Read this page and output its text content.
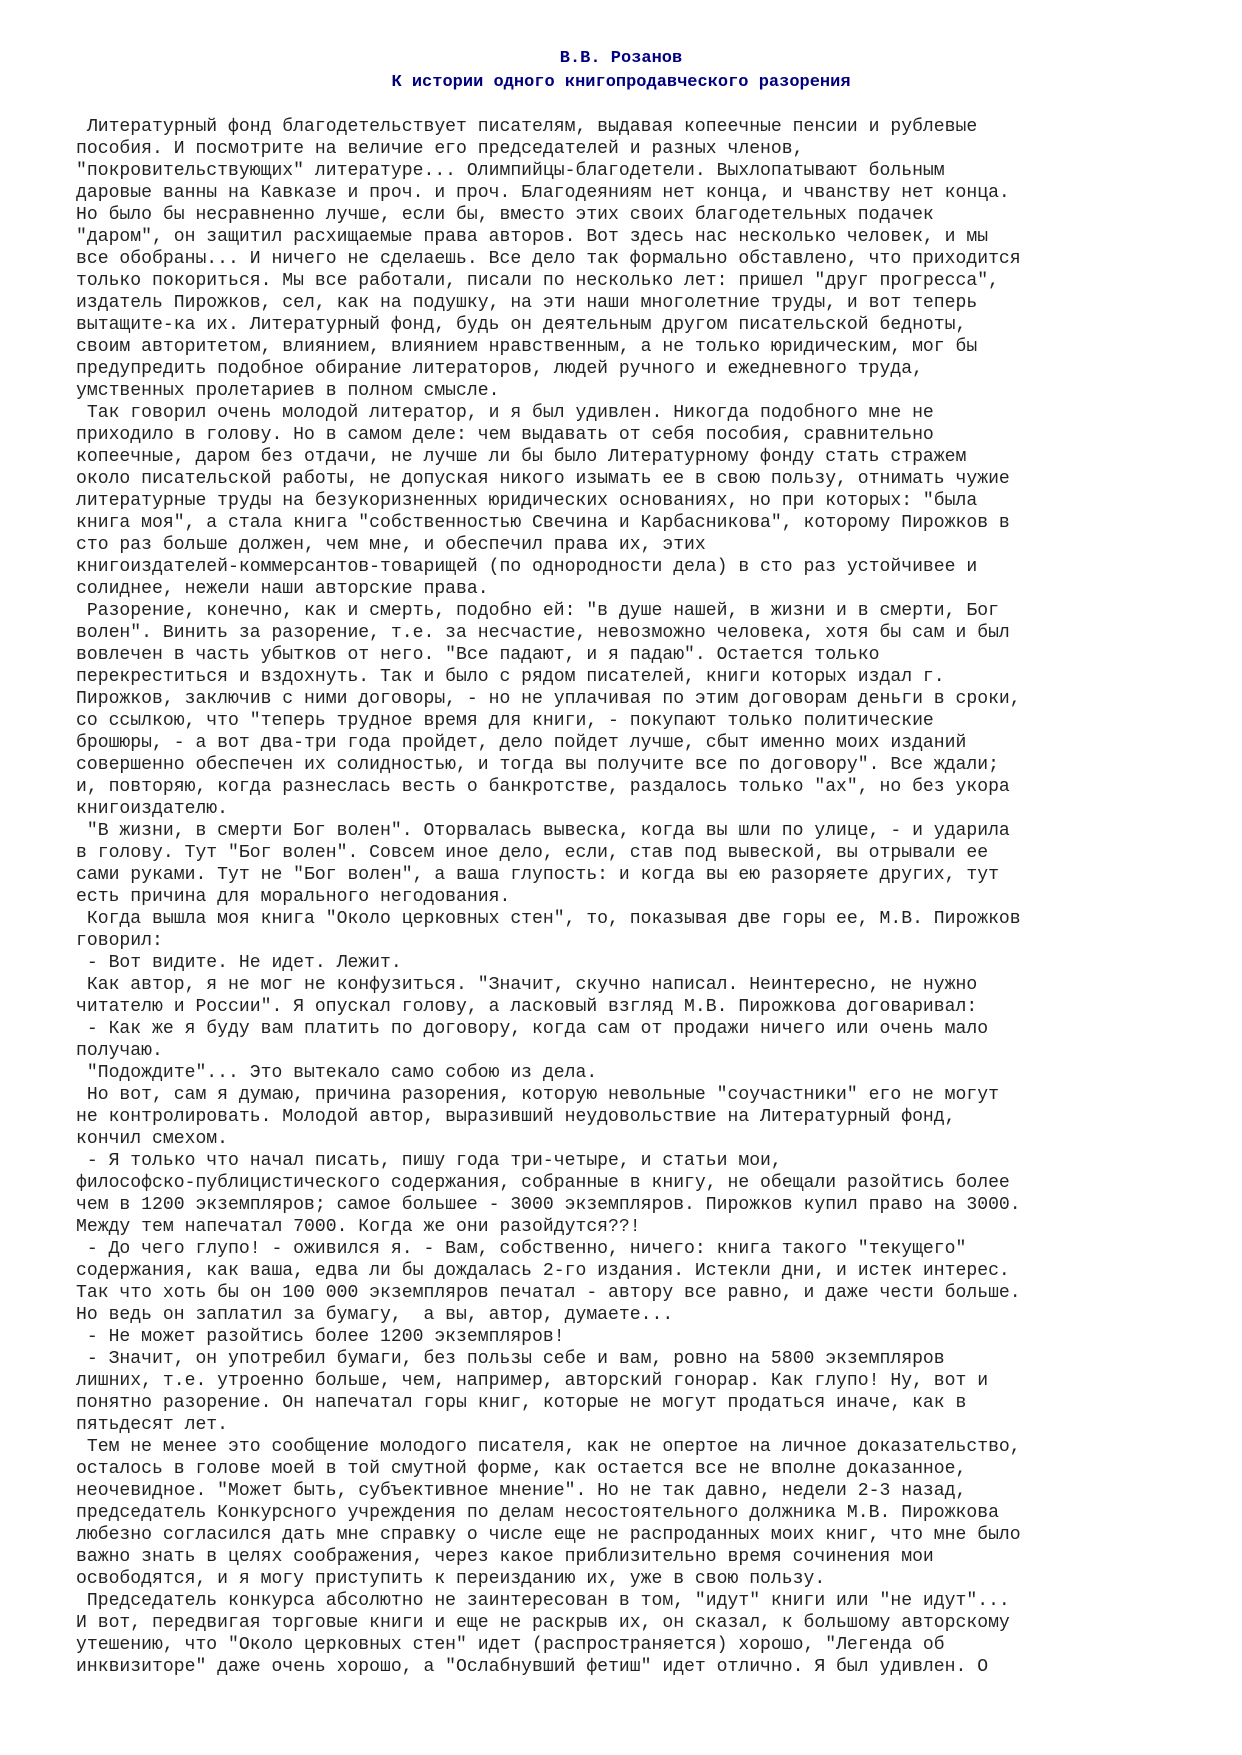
В.В. Розанов
К истории одного книгопродавческого разорения
Литературный фонд благодетельствует писателям, выдавая копеечные пенсии и рублевые
пособия. И посмотрите на величие его председателей и разных членов,
"покровительствующих" литературе... Олимпийцы-благодетели. Выхлопатывают больным
даровые ванны на Кавказе и проч. и проч. Благодеяниям нет конца, и чванству нет конца.
Но было бы несравненно лучше, если бы, вместо этих своих благодетельных подачек
"даром", он защитил расхищаемые права авторов. Вот здесь нас несколько человек, и мы
все обобраны... И ничего не сделаешь. Все дело так формально обставлено, что приходится
только покориться. Мы все работали, писали по несколько лет: пришел "друг прогресса",
издатель Пирожков, сел, как на подушку, на эти наши многолетние труды, и вот теперь
вытащите-ка их. Литературный фонд, будь он деятельным другом писательской бедноты,
своим авторитетом, влиянием, влиянием нравственным, а не только юридическим, мог бы
предупредить подобное обирание литераторов, людей ручного и ежедневного труда,
умственных пролетариев в полном смысле.
Так говорил очень молодой литератор, и я был удивлен. Никогда подобного мне не
приходило в голову. Но в самом деле: чем выдавать от себя пособия, сравнительно
копеечные, даром без отдачи, не лучше ли бы было Литературному фонду стать стражем
около писательской работы, не допуская никого изымать ее в свою пользу, отнимать чужие
литературные труды на безукоризненных юридических основаниях, но при которых: "была
книга моя", а стала книга "собственностью Свечина и Карбасникова", которому Пирожков в
сто раз больше должен, чем мне, и обеспечил права их, этих
книгоиздателей-коммерсантов-товарищей (по однородности дела) в сто раз устойчивее и
солиднее, нежели наши авторские права.
Разорение, конечно, как и смерть, подобно ей: "в душе нашей, в жизни и в смерти, Бог
волен". Винить за разорение, т.е. за несчастие, невозможно человека, хотя бы сам и был
вовлечен в часть убытков от него. "Все падают, и я падаю". Остается только
перекреститься и вздохнуть. Так и было с рядом писателей, книги которых издал г.
Пирожков, заключив с ними договоры, - но не уплачивая по этим договорам деньги в сроки,
со ссылкою, что "теперь трудное время для книги, - покупают только политические
брошюры, - а вот два-три года пройдет, дело пойдет лучше, сбыт именно моих изданий
совершенно обеспечен их солидностью, и тогда вы получите все по договору". Все ждали;
и, повторяю, когда разнеслась весть о банкротстве, раздалось только "ах", но без укора
книгоиздателю.
"В жизни, в смерти Бог волен". Оторвалась вывеска, когда вы шли по улице, - и ударила
в голову. Тут "Бог волен". Совсем иное дело, если, став под вывеской, вы отрывали ее
сами руками. Тут не "Бог волен", а ваша глупость: и когда вы ею разоряете других, тут
есть причина для морального негодования.
Когда вышла моя книга "Около церковных стен", то, показывая две горы ее, М.В. Пирожков
говорил:
- Вот видите. Не идет. Лежит.
Как автор, я не мог не конфузиться. "Значит, скучно написал. Неинтересно, не нужно
читателю и России". Я опускал голову, а ласковый взгляд М.В. Пирожкова договаривал:
- Как же я буду вам платить по договору, когда сам от продажи ничего или очень мало
получаю.
"Подождите"... Это вытекало само собою из дела.
Но вот, сам я думаю, причина разорения, которую невольные "соучастники" его не могут
не контролировать. Молодой автор, выразивший неудовольствие на Литературный фонд,
кончил смехом.
- Я только что начал писать, пишу года три-четыре, и статьи мои,
философско-публицистического содержания, собранные в книгу, не обещали разойтись более
чем в 1200 экземпляров; самое большее - 3000 экземпляров. Пирожков купил право на 3000.
Между тем напечатал 7000. Когда же они разойдутся??!
- До чего глупо! - оживился я. - Вам, собственно, ничего: книга такого "текущего"
содержания, как ваша, едва ли бы дождалась 2-го издания. Истекли дни, и истек интерес.
Так что хоть бы он 100 000 экземпляров печатал - автору все равно, и даже чести больше.
Но ведь он заплатил за бумагу,  а вы, автор, думаете...
- Не может разойтись более 1200 экземпляров!
- Значит, он употребил бумаги, без пользы себе и вам, ровно на 5800 экземпляров
лишних, т.е. утроенно больше, чем, например, авторский гонорар. Как глупо! Ну, вот и
понятно разорение. Он напечатал горы книг, которые не могут продаться иначе, как в
пятьдесят лет.
Тем не менее это сообщение молодого писателя, как не опертое на личное доказательство,
осталось в голове моей в той смутной форме, как остается все не вполне доказанное,
неочевидное. "Может быть, субъективное мнение". Но не так давно, недели 2-3 назад,
председатель Конкурсного учреждения по делам несостоятельного должника М.В. Пирожкова
любезно согласился дать мне справку о числе еще не распроданных моих книг, что мне было
важно знать в целях соображения, через какое приблизительно время сочинения мои
освободятся, и я могу приступить к переизданию их, уже в свою пользу.
Председатель конкурса абсолютно не заинтересован в том, "идут" книги или "не идут"...
И вот, передвигая торговые книги и еще не раскрыв их, он сказал, к большому авторскому
утешению, что "Около церковных стен" идет (распространяется) хорошо, "Легенда об
инквизиторе" даже очень хорошо, а "Ослабнувший фетиш" идет отлично. Я был удивлен. О
